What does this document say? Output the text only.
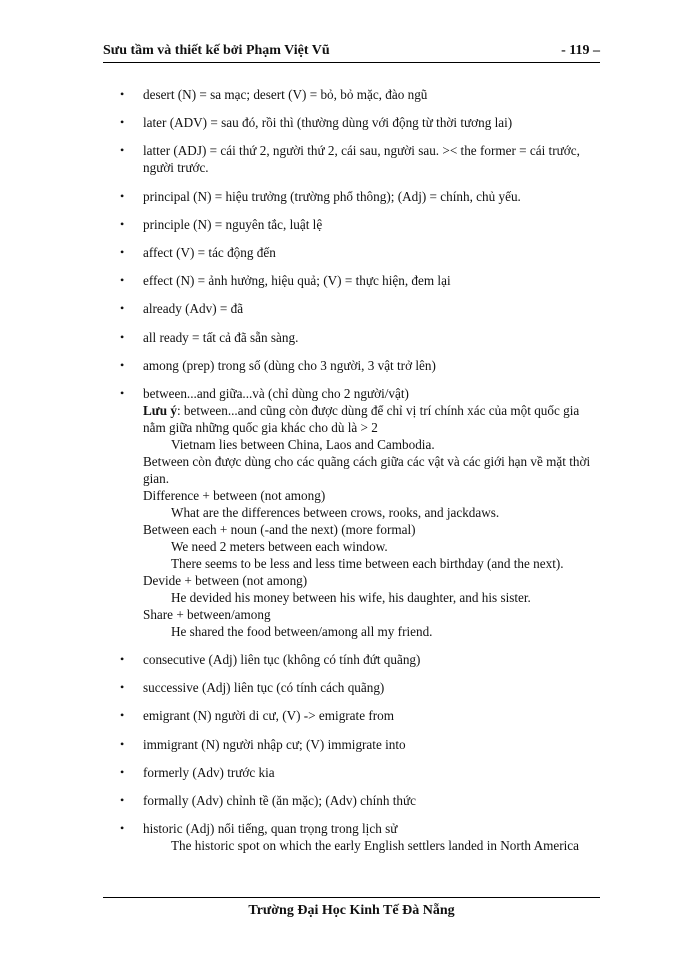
Sưu tầm và thiết kế bởi Phạm Việt Vũ	- 119 –
• desert (N) = sa mạc; desert (V) = bỏ, bỏ mặc, đào ngũ
• later (ADV) = sau đó, rồi thì (thường dùng với động từ thời tương lai)
• latter (ADJ) = cái thứ 2, người thứ 2, cái sau, người sau. >< the former = cái trước, người trước.
• principal (N) = hiệu trưởng (trường phổ thông); (Adj) = chính, chủ yếu.
• principle (N) = nguyên tắc, luật lệ
• affect (V) = tác động đến
• effect (N) = ảnh hưởng, hiệu quả; (V) = thực hiện, đem lại
• already (Adv) = đã
• all ready = tất cả đã sẵn sàng.
• among (prep) trong số (dùng cho 3 người, 3 vật trở lên)
• between...and giữa...và (chỉ dùng cho 2 người/vật)
Lưu ý: between...and cũng còn được dùng để chỉ vị trí chính xác của một quốc gia nằm giữa những quốc gia khác cho dù là > 2
Vietnam lies between China, Laos and Cambodia.
Between còn được dùng cho các quãng cách giữa các vật và các giới hạn về mặt thời gian.
Difference + between (not among)
What are the differences between crows, rooks, and jackdaws.
Between each + noun (-and the next) (more formal)
We need 2 meters between each window.
There seems to be less and less time between each birthday (and the next).
Devide + between (not among)
He devided his money between his wife, his daughter, and his sister.
Share + between/among
He shared the food between/among all my friend.
• consecutive (Adj) liên tục (không có tính đứt quãng)
• successive (Adj) liên tục (có tính cách quãng)
• emigrant (N) người di cư, (V) -> emigrate from
• immigrant (N) người nhập cư; (V) immigrate into
• formerly (Adv) trước kia
• formally (Adv) chỉnh tề (ăn mặc); (Adv) chính thức
• historic (Adj) nổi tiếng, quan trọng trong lịch sử
The historic spot on which the early English settlers landed in North America
Trường Đại Học Kinh Tế Đà Nẵng
